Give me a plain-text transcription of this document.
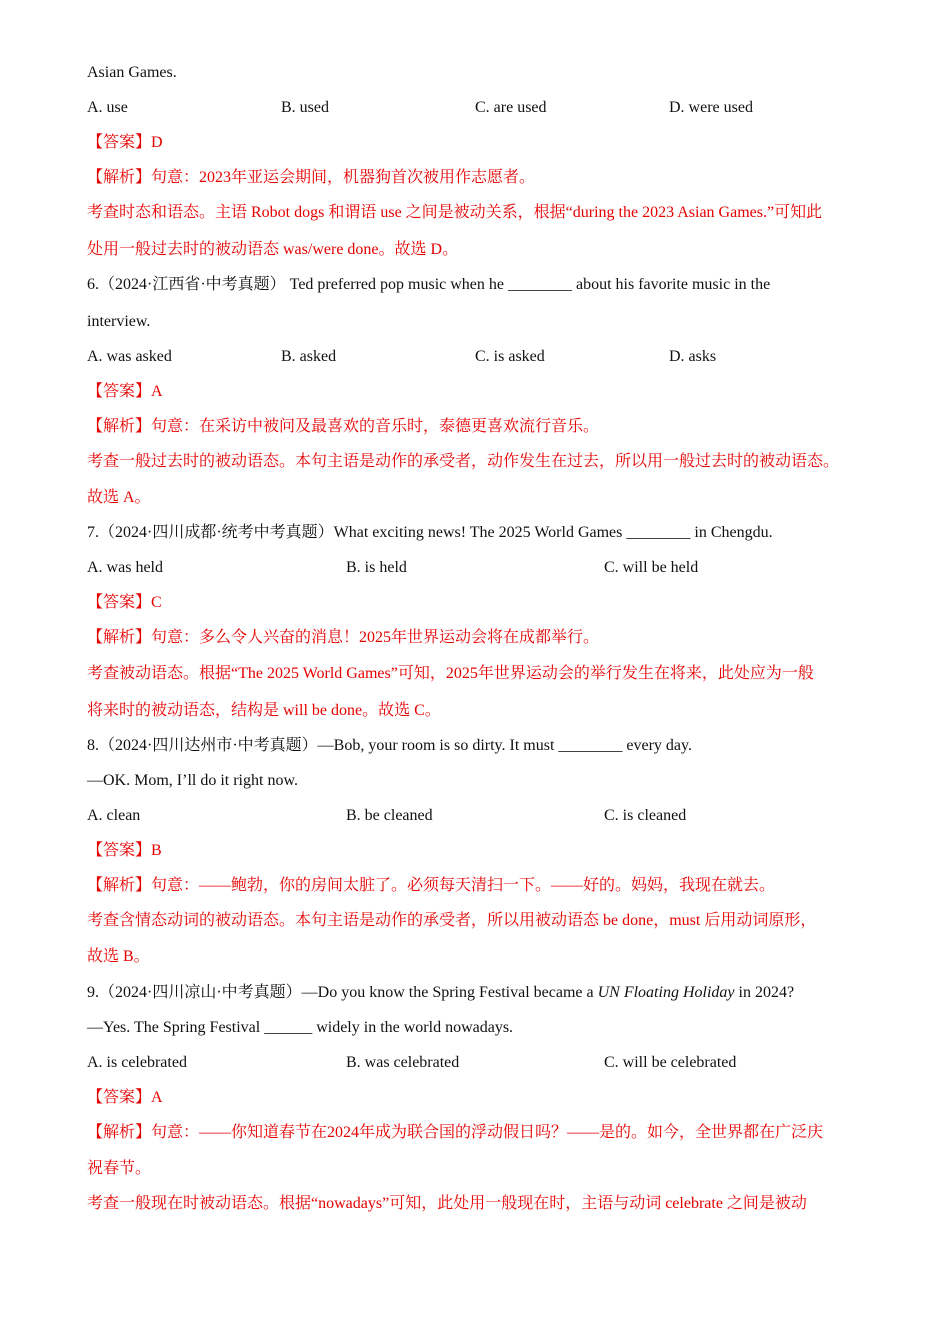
Asian Games.
A. use	B. used	C. are used	D. were used
【答案】D
【解析】句意：2023年亚运会期间，机器狗首次被用作志愿者。
考查时态和语态。主语 Robot dogs 和谓语 use 之间是被动关系，根据“during the 2023 Asian Games.”可知此
处用一般过去时的被动语态 was/were done。故选 D。
6.（2024·江西省·中考真题） Ted preferred pop music when he ________ about his favorite music in the
interview.
A. was asked	B. asked	C. is asked	D. asks
【答案】A
【解析】句意：在采访中被问及最喜欢的音乐时，泰德更喜欢流行音乐。
考查一般过去时的被动语态。本句主语是动作的承受者，动作发生在过去，所以用一般过去时的被动语态。
故选 A。
7.（2024·四川成都·统考中考真题）What exciting news! The 2025 World Games ________ in Chengdu.
A. was held	B. is held	C. will be held
【答案】C
【解析】句意：多么令人兴奋的消息！2025年世界运动会将在成都举行。
考查被动语态。根据“The 2025 World Games”可知，2025年世界运动会的举行发生在将来，此处应为一般
将来时的被动语态，结构是 will be done。故选 C。
8.（2024·四川达州市·中考真题）—Bob, your room is so dirty. It must ________ every day.
—OK. Mom, I’ll do it right now.
A. clean	B. be cleaned	C. is cleaned
【答案】B
【解析】句意：——鲍勃，你的房间太脏了。必须每天清扫一下。——好的。妈妈，我现在就去。
考查含情态动词的被动语态。本句主语是动作的承受者，所以用被动语态 be done，must 后用动词原形，
故选 B。
9.（2024·四川凉山·中考真题）—Do you know the Spring Festival became a UN Floating Holiday in 2024?
—Yes. The Spring Festival ______ widely in the world nowadays.
A. is celebrated	B. was celebrated	C. will be celebrated
【答案】A
【解析】句意：——你知道春节在2024年成为联合国的浮动假日吗？——是的。如今，全世界都在广泛庆
祝春节。
考查一般现在时被动语态。根据“nowadays”可知，此处用一般现在时，主语与动词 celebrate 之间是被动
